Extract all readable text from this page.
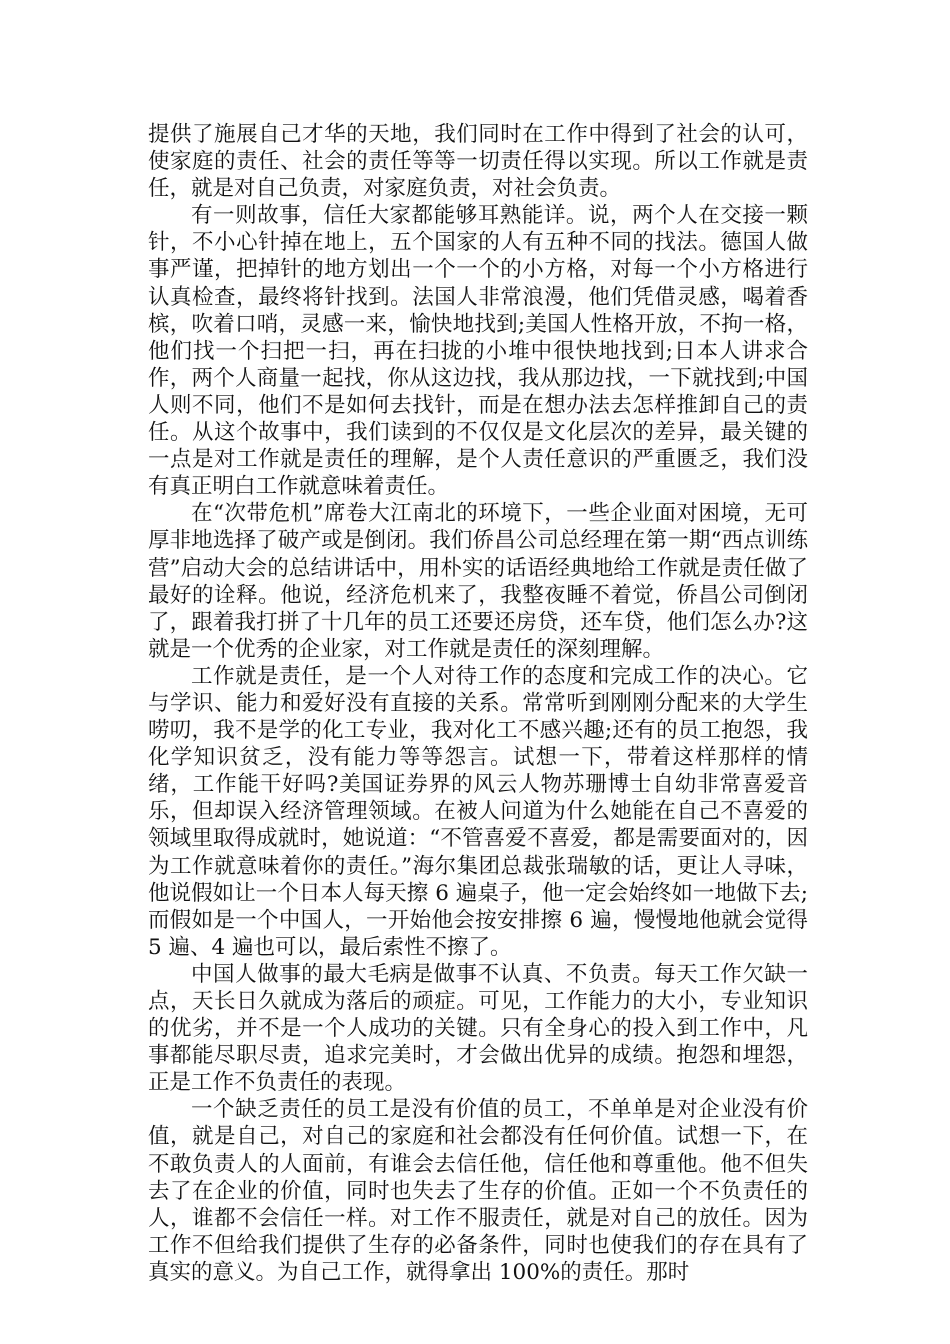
提供了施展自己才华的天地，我们同时在工作中得到了社会的认可，使家庭的责任、社会的责任等等一切责任得以实现。所以工作就是责任，就是对自己负责，对家庭负责，对社会负责。

有一则故事，信任大家都能够耳熟能详。说，两个人在交接一颗针，不小心针掉在地上，五个国家的人有五种不同的找法。德国人做事严谨，把掉针的地方划出一个一个的小方格，对每一个小方格进行认真检查，最终将针找到。法国人非常浪漫，他们凭借灵感，喝着香槟，吹着口哨，灵感一来，愉快地找到;美国人性格开放，不拘一格，他们找一个扫把一扫，再在扫拢的小堆中很快地找到;日本人讲求合作，两个人商量一起找，你从这边找，我从那边找，一下就找到;中国人则不同，他们不是如何去找针，而是在想办法去怎样推卸自己的责任。从这个故事中，我们读到的不仅仅是文化层次的差异，最关键的一点是对工作就是责任的理解，是个人责任意识的严重匮乏，我们没有真正明白工作就意味着责任。

在“次带危机”席卷大江南北的环境下，一些企业面对困境，无可厚非地选择了破产或是倒闭。我们侨昌公司总经理在第一期“西点训练营”启动大会的总结讲话中，用朴实的话语经典地给工作就是责任做了最好的诠释。他说，经济危机来了，我整夜睡不着觉，侨昌公司倒闭了，跟着我打拼了十几年的员工还要还房贷，还车贷，他们怎么办?这就是一个优秀的企业家，对工作就是责任的深刻理解。

工作就是责任，是一个人对待工作的态度和完成工作的决心。它与学识、能力和爱好没有直接的关系。常常听到刚刚分配来的大学生唠叨，我不是学的化工专业，我对化工不感兴趣;还有的员工抱怨，我化学知识贫乏，没有能力等等怨言。试想一下，带着这样那样的情绪，工作能干好吗?美国证券界的风云人物苏珊博士自幼非常喜爱音乐，但却误入经济管理领域。在被人问道为什么她能在自己不喜爱的领域里取得成就时，她说道：“不管喜爱不喜爱，都是需要面对的，因为工作就意味着你的责任。”海尔集团总裁张瑞敏的话，更让人寻味，他说假如让一个日本人每天擦 6 遍桌子，他一定会始终如一地做下去;而假如是一个中国人，一开始他会按安排擦 6 遍，慢慢地他就会觉得 5 遍、4 遍也可以，最后索性不擦了。

中国人做事的最大毛病是做事不认真、不负责。每天工作欠缺一点，天长日久就成为落后的顽症。可见，工作能力的大小，专业知识的优劣，并不是一个人成功的关键。只有全身心的投入到工作中，凡事都能尽职尽责，追求完美时，才会做出优异的成绩。抱怨和埋怨，正是工作不负责任的表现。

一个缺乏责任的员工是没有价值的员工，不单单是对企业没有价值，就是自己，对自己的家庭和社会都没有任何价值。试想一下，在不敢负责人的人面前，有谁会去信任他，信任他和尊重他。他不但失去了在企业的价值，同时也失去了生存的价值。正如一个不负责任的人，谁都不会信任一样。对工作不服责任，就是对自己的放任。因为工作不但给我们提供了生存的必备条件，同时也使我们的存在具有了真实的意义。为自己工作，就得拿出 100%的责任。那时
